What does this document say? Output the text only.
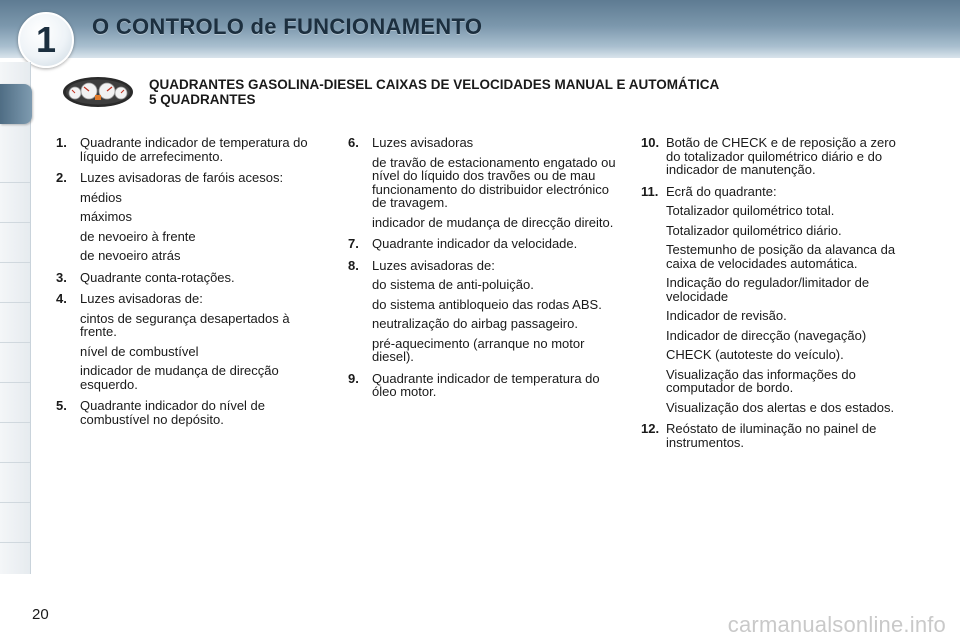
1	O CONTROLO de FUNCIONAMENTO
QUADRANTES GASOLINA-DIESEL CAIXAS DE VELOCIDADES MANUAL E AUTOMÁTICA
5 QUADRANTES
1.	Quadrante indicador de temperatura do líquido de arrefecimento.
2.	Luzes avisadoras de faróis acesos:
médios
máximos
de nevoeiro à frente
de nevoeiro atrás
3.	Quadrante conta-rotações.
4.	Luzes avisadoras de:
cintos de segurança desapertados à frente.
nível de combustível
indicador de mudança de direcção esquerdo.
5.	Quadrante indicador do nível de combustível no depósito.
6.	Luzes avisadoras
de travão de estacionamento engatado ou nível do líquido dos travões ou de mau funcionamento do distribuidor electrónico de travagem.
indicador de mudança de direcção direito.
7.	Quadrante indicador da velocidade.
8.	Luzes avisadoras de:
do sistema de anti-poluição.
do sistema antibloqueio das rodas ABS.
neutralização do airbag passageiro.
pré-aquecimento (arranque no motor diesel).
9.	Quadrante indicador de temperatura do óleo motor.
10. Botão de CHECK e de reposição a zero do totalizador quilométrico diário e do indicador de manutenção.
11. Ecrã do quadrante:
Totalizador quilométrico total.
Totalizador quilométrico diário.
Testemunho de posição da alavanca da caixa de velocidades automática.
Indicação do regulador/limitador de velocidade
Indicador de revisão.
Indicador de direcção (navegação)
CHECK (autoteste do veículo).
Visualização das informações do computador de bordo.
Visualização dos alertas e dos estados.
12. Reóstato de iluminação no painel de instrumentos.
20	carmanualsonline.info
